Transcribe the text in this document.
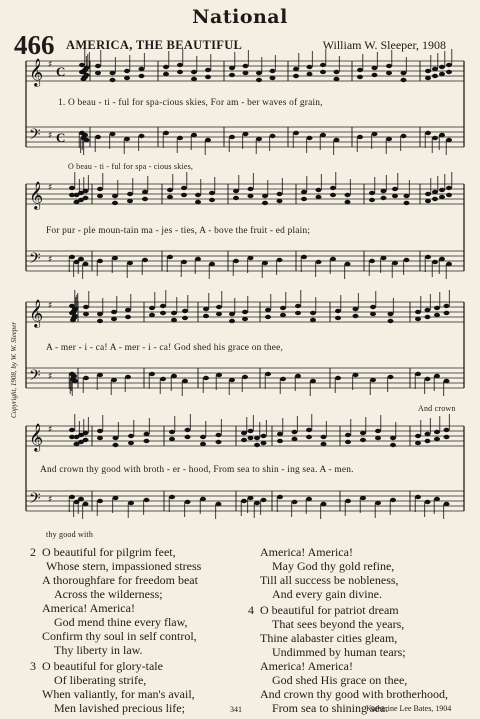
National
466 AMERICA, THE BEAUTIFUL	William W. Sleeper, 1908
𝄞 ♯
𝄢 ♯
C
C
𝄞 ♯
𝄢 ♯
𝄞 ♯
𝄢 ♯
𝄞 ♯
𝄢 ♯
1. O beau - ti - ful for spa-cious skies, For am - ber waves of grain,
O beau - ti - ful for spa - cious skies,
For pur - ple moun-tain ma - jes - ties, A - bove the fruit - ed plain;
A - mer - i - ca! A - mer - i - ca! God shed his grace on thee,
And crown
And crown thy good with broth - er - hood, From sea to shin - ing sea. A - men.
thy good with
Copyright, 1908, by W. W. Sleeper
2 O beautiful for pilgrim feet,
Whose stern, impassioned stress
A thoroughfare for freedom beat
Across the wilderness;
America! America!
God mend thine every flaw,
Confirm thy soul in self control,
Thy liberty in law.
3 O beautiful for glory-tale
Of liberating strife,
When valiantly, for man's avail,
Men lavished precious life;
America! America!
May God thy gold refine,
Till all success be nobleness,
And every gain divine.
4 O beautiful for patriot dream
That sees beyond the years,
Thine alabaster cities gleam,
Undimmed by human tears;
America! America!
God shed His grace on thee,
And crown thy good with brotherhood,
From sea to shining sea.
341	Katherine Lee Bates, 1904
